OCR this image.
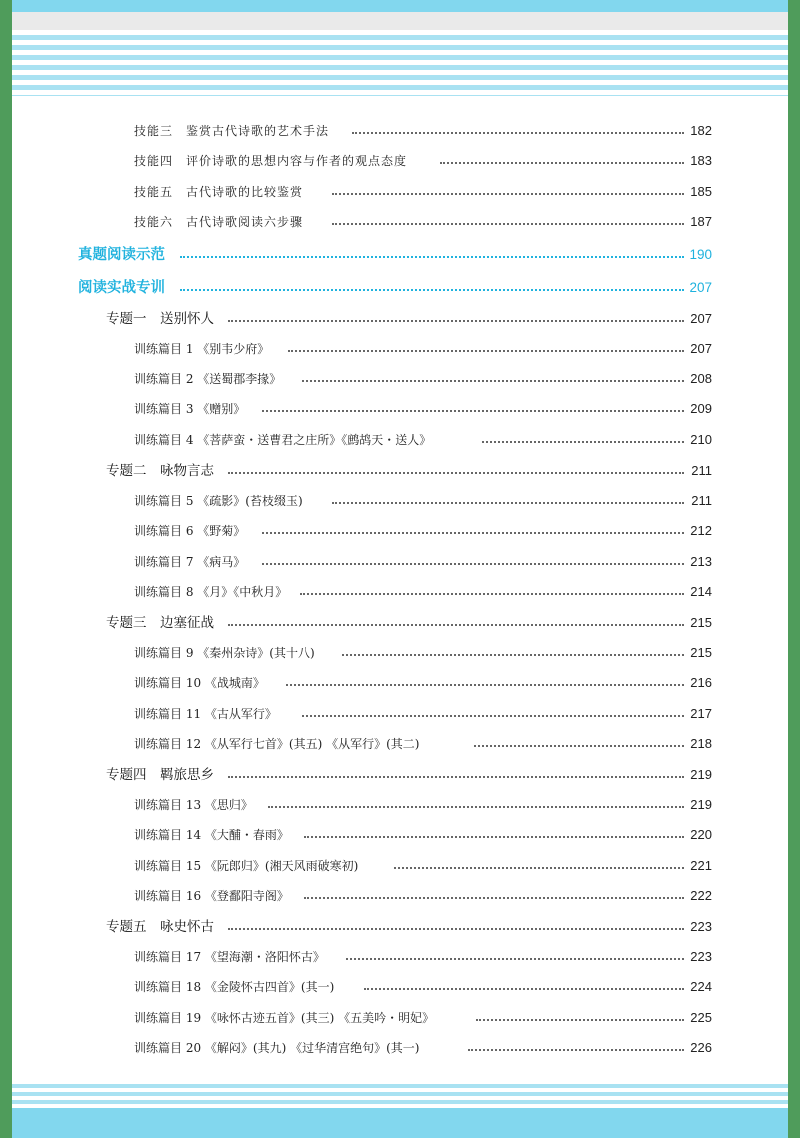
技能三　鉴赏古代诗歌的艺术手法	182
技能四　评价诗歌的思想内容与作者的观点态度	183
技能五　古代诗歌的比较鉴赏	185
技能六　古代诗歌阅读六步骤	187
真题阅读示范	190
阅读实战专训	207
专题一　送别怀人	207
训练篇目 1 《别韦少府》	207
训练篇目 2 《送蜀郡李掾》	208
训练篇目 3 《赠别》	209
训练篇目 4 《菩萨蛮・送曹君之庄所》《鹧鸪天・送人》	210
专题二　咏物言志	211
训练篇目 5 《疏影》(苔枝缀玉)	211
训练篇目 6 《野菊》	212
训练篇目 7 《病马》	213
训练篇目 8 《月》《中秋月》	214
专题三　边塞征战	215
训练篇目 9 《秦州杂诗》(其十八)	215
训练篇目 10 《战城南》	216
训练篇目 11 《古从军行》	217
训练篇目 12 《从军行七首》(其五) 《从军行》(其二)	218
专题四　羁旅思乡	219
训练篇目 13 《思归》	219
训练篇目 14 《大酺・春雨》	220
训练篇目 15 《阮郎归》(湘天风雨破寒初)	221
训练篇目 16 《登鄱阳寺阁》	222
专题五　咏史怀古	223
训练篇目 17 《望海潮・洛阳怀古》	223
训练篇目 18 《金陵怀古四首》(其一)	224
训练篇目 19 《咏怀古迹五首》(其三) 《五美吟・明妃》	225
训练篇目 20 《解闷》(其九) 《过华清宫绝句》(其一)	226
